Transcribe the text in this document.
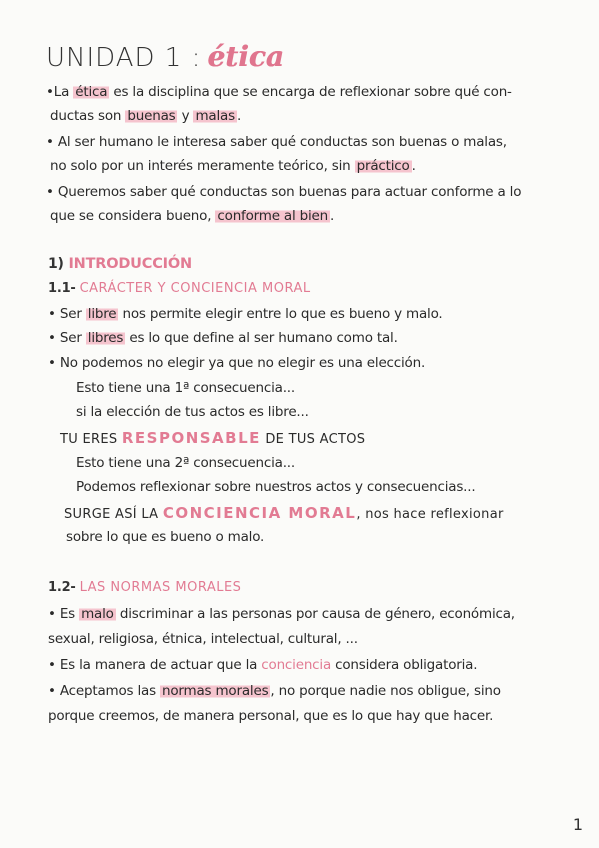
UNIDAD 1 : ética
•La ética es la disciplina que se encarga de reflexionar sobre qué con-
ductas son buenas y malas .
• Al ser humano le interesa saber qué conductas son buenas o malas,
no solo por un interés meramente teórico, sin práctico .
• Queremos saber qué conductas son buenas para actuar conforme a lo
que se considera bueno, conforme al bien .
1) INTRODUCCIÓN
1.1- CARÁCTER Y CONCIENCIA MORAL
• Ser libre nos permite elegir entre lo que es bueno y malo.
• Ser libres es lo que define al ser humano como tal.
• No podemos no elegir ya que no elegir es una elección.
Esto tiene una 1ª consecuencia...
si la elección de tus actos es libre...
TU ERES RESPONSABLE DE TUS ACTOS
Esto tiene una 2ª consecuencia...
Podemos reflexionar sobre nuestros actos y consecuencias...
SURGE ASÍ LA CONCIENCIA MORAL, nos hace reflexionar
sobre lo que es bueno o malo.
1.2- LAS NORMAS MORALES
• Es malo discriminar a las personas por causa de género, económica,
sexual, religiosa, étnica, intelectual, cultural, ...
• Es la manera de actuar que la conciencia considera obligatoria.
• Aceptamos las normas morales , no porque nadie nos obligue, sino
porque creemos, de manera personal, que es lo que hay que hacer.
1
